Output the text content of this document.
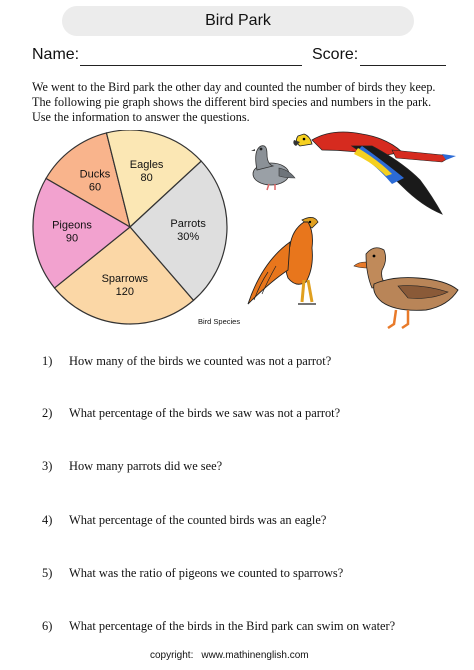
Bird Park
Name:	Score:
We went to the Bird park the other day and counted the number of birds they keep.
The following pie graph shows the different bird species and numbers in the park.
Use the information to answer the questions.
Ducks
60
Eagles
80
Parrots
30%
Sparrows
120
Pigeons
90
Bird Species
1) How many of the birds we counted was not a parrot?
2) What percentage of the birds we saw was not a parrot?
3) How many parrots did we see?
4) What percentage of the counted birds was an eagle?
5) What was the ratio of pigeons we counted to sparrows?
6) What percentage of the birds in the Bird park can swim on water?
copyright: www.mathinenglish.com
